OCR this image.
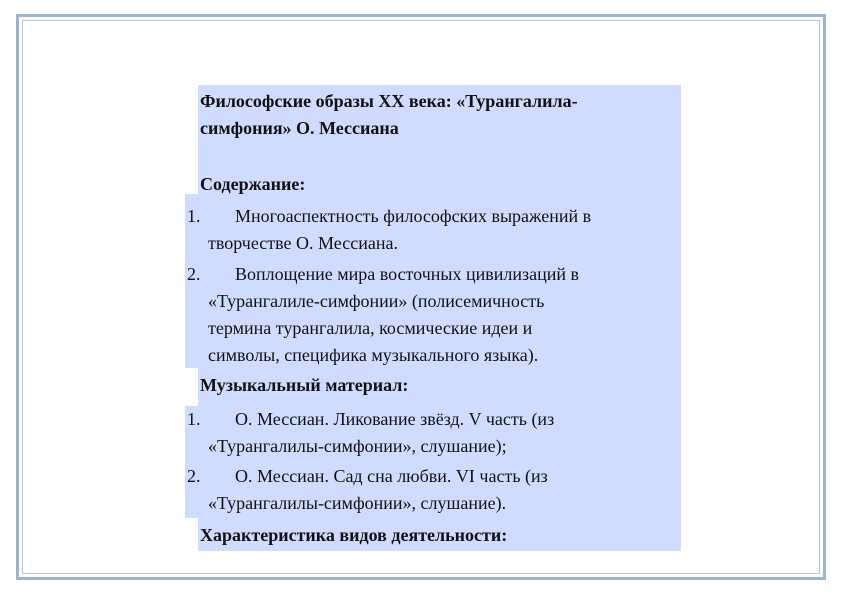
Философские образы XX века: «Турангалила-
симфония» О. Мессиана
Содержание:
1.	Многоаспектность философских выражений в
творчестве О. Мессиана.
2.	Воплощение мира восточных цивилизаций в
«Турангалиле-симфонии» (полисемичность
термина турангалила, космические идеи и
символы, специфика музыкального языка).
Музыкальный материал:
1.	О. Мессиан. Ликование звёзд. V часть (из
«Турангалилы-симфонии», слушание);
2.	О. Мессиан. Сад сна любви. VI часть (из
«Турангалилы-симфонии», слушание).
Характеристика видов деятельности:
